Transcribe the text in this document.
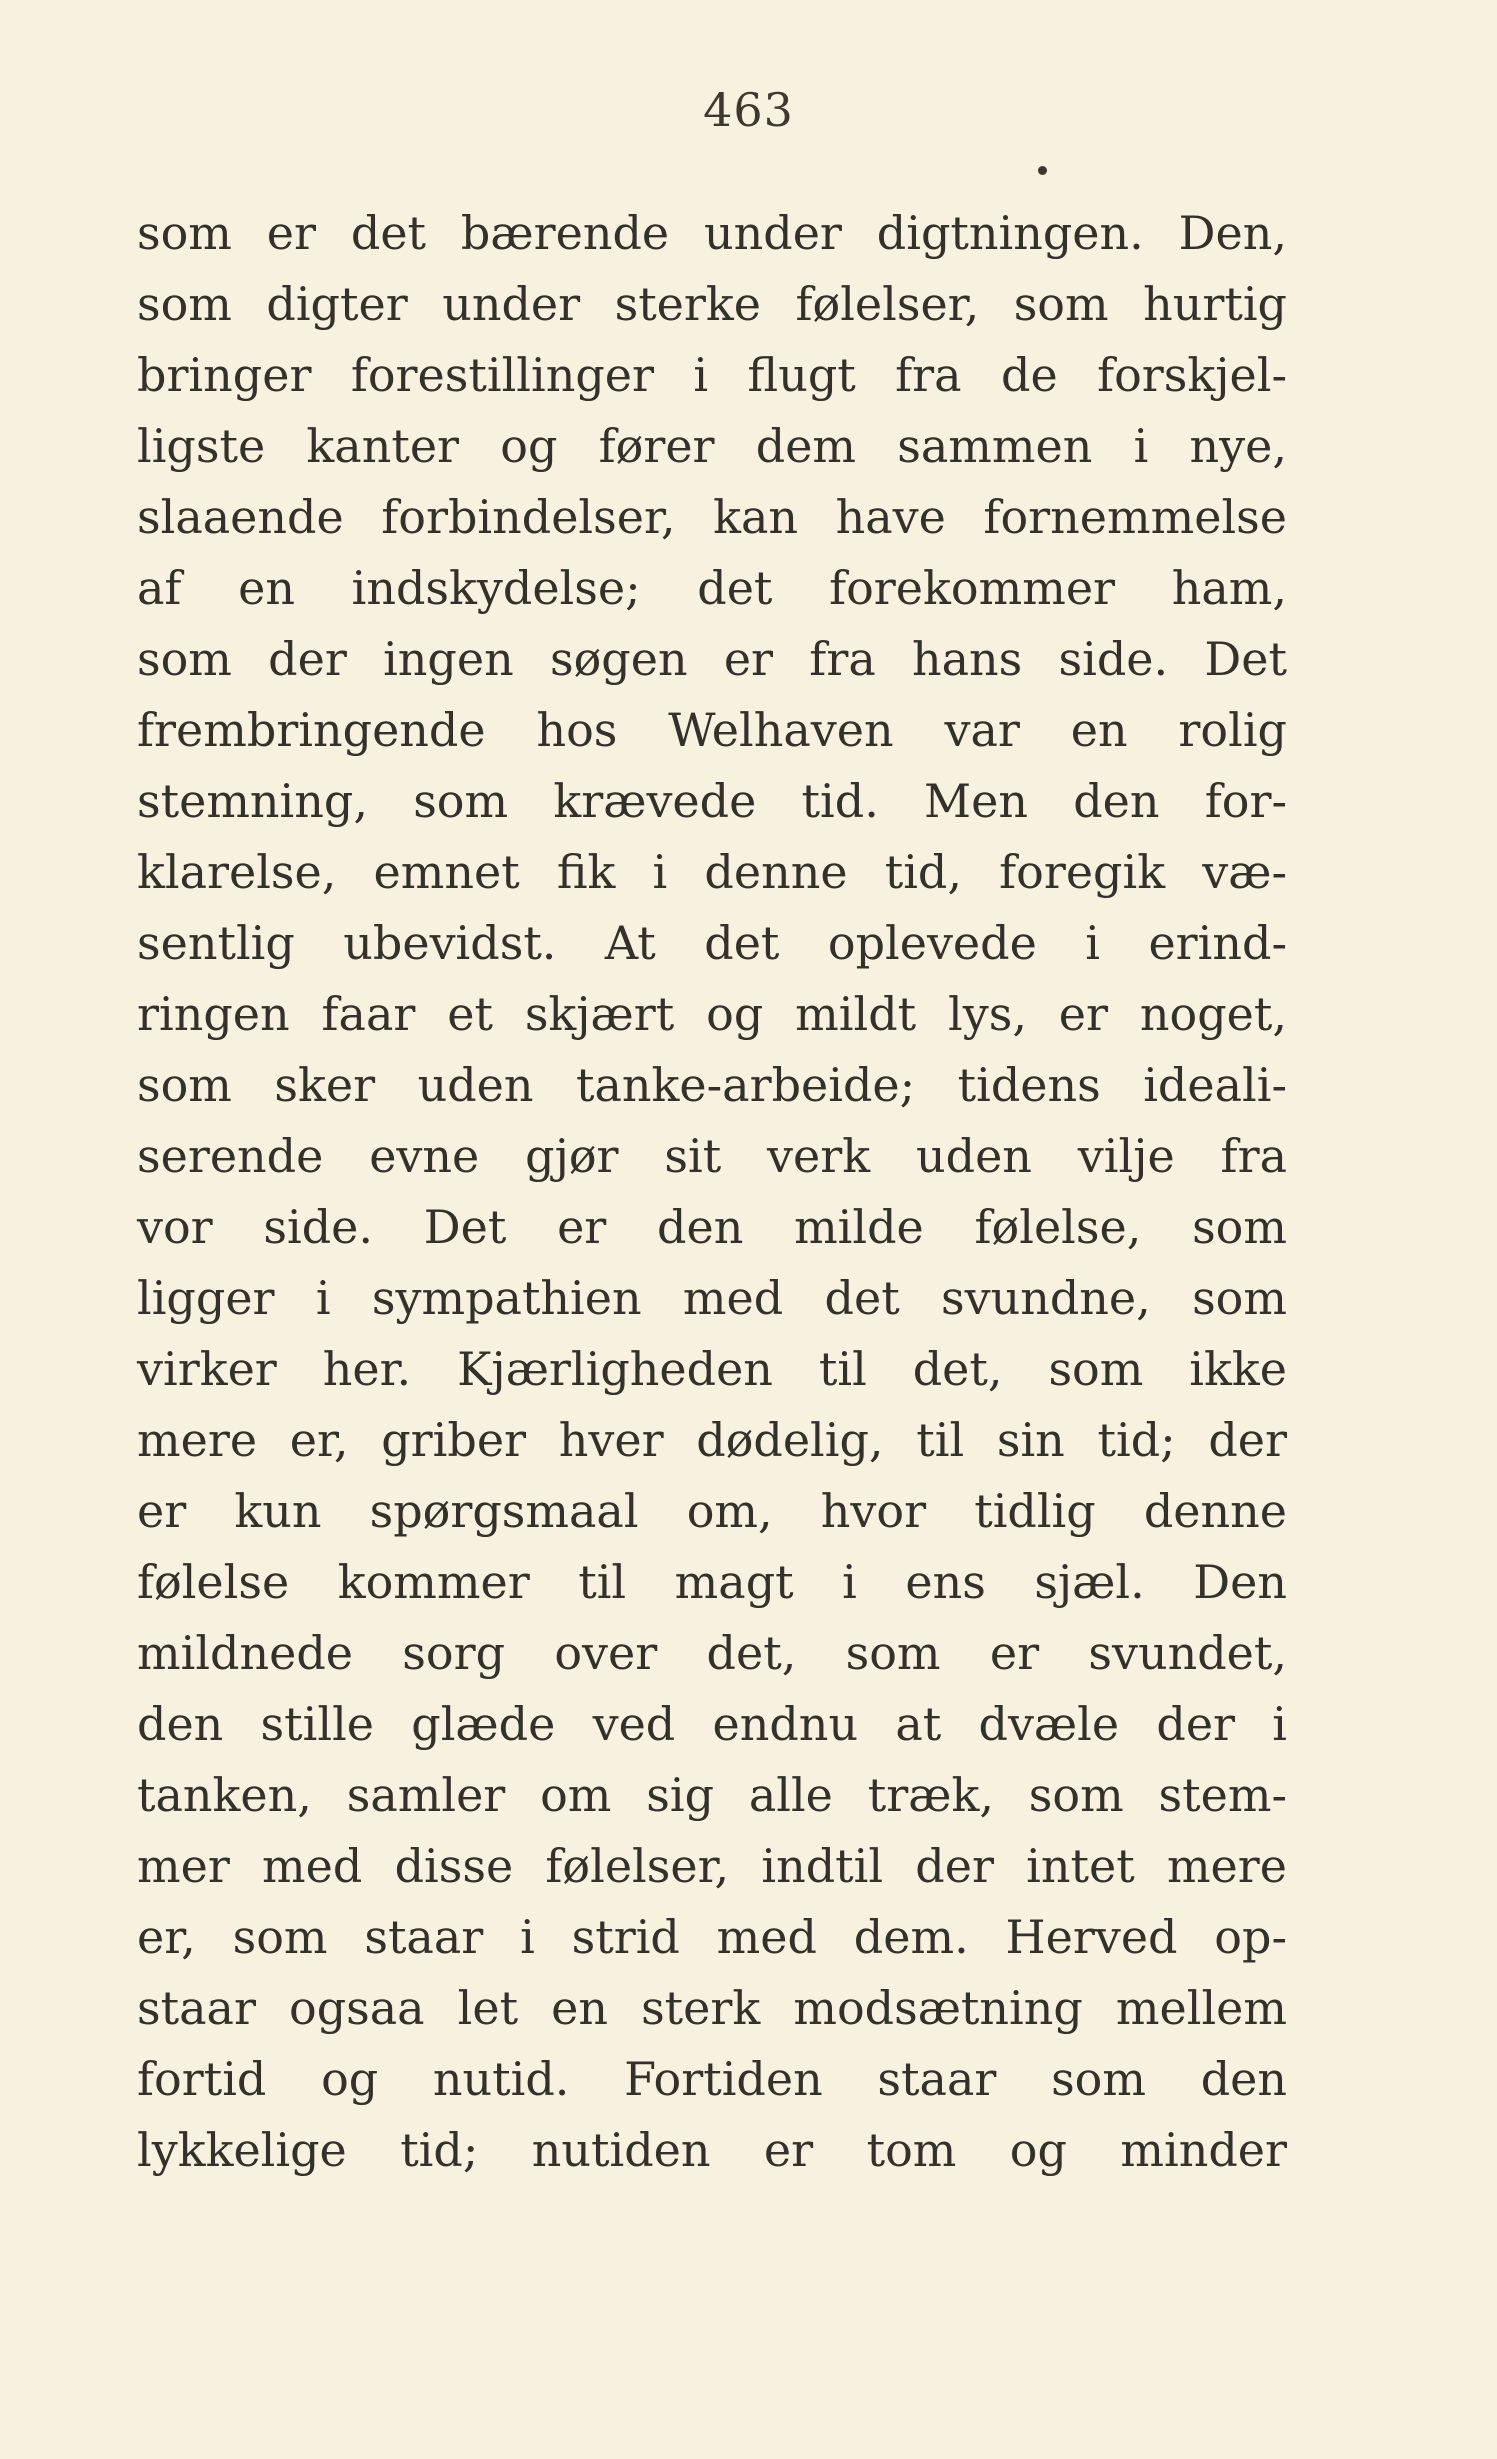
463
som er det bærende under digtningen. Den,
som digter under sterke følelser, som hurtig
bringer forestillinger i flugt fra de forskjel-
ligste kanter og fører dem sammen i nye,
slaaende forbindelser, kan have fornemmelse
af en indskydelse; det forekommer ham,
som der ingen søgen er fra hans side. Det
frembringende hos Welhaven var en rolig
stemning, som krævede tid. Men den for-
klarelse, emnet fik i denne tid, foregik væ-
sentlig ubevidst. At det oplevede i erind-
ringen faar et skjært og mildt lys, er noget,
som sker uden tanke-arbeide; tidens ideali-
serende evne gjør sit verk uden vilje fra
vor side. Det er den milde følelse, som
ligger i sympathien med det svundne, som
virker her. Kjærligheden til det, som ikke
mere er, griber hver dødelig, til sin tid; der
er kun spørgsmaal om, hvor tidlig denne
følelse kommer til magt i ens sjæl. Den
mildnede sorg over det, som er svundet,
den stille glæde ved endnu at dvæle der i
tanken, samler om sig alle træk, som stem-
mer med disse følelser, indtil der intet mere
er, som staar i strid med dem. Herved op-
staar ogsaa let en sterk modsætning mellem
fortid og nutid. Fortiden staar som den
lykkelige tid; nutiden er tom og minder
